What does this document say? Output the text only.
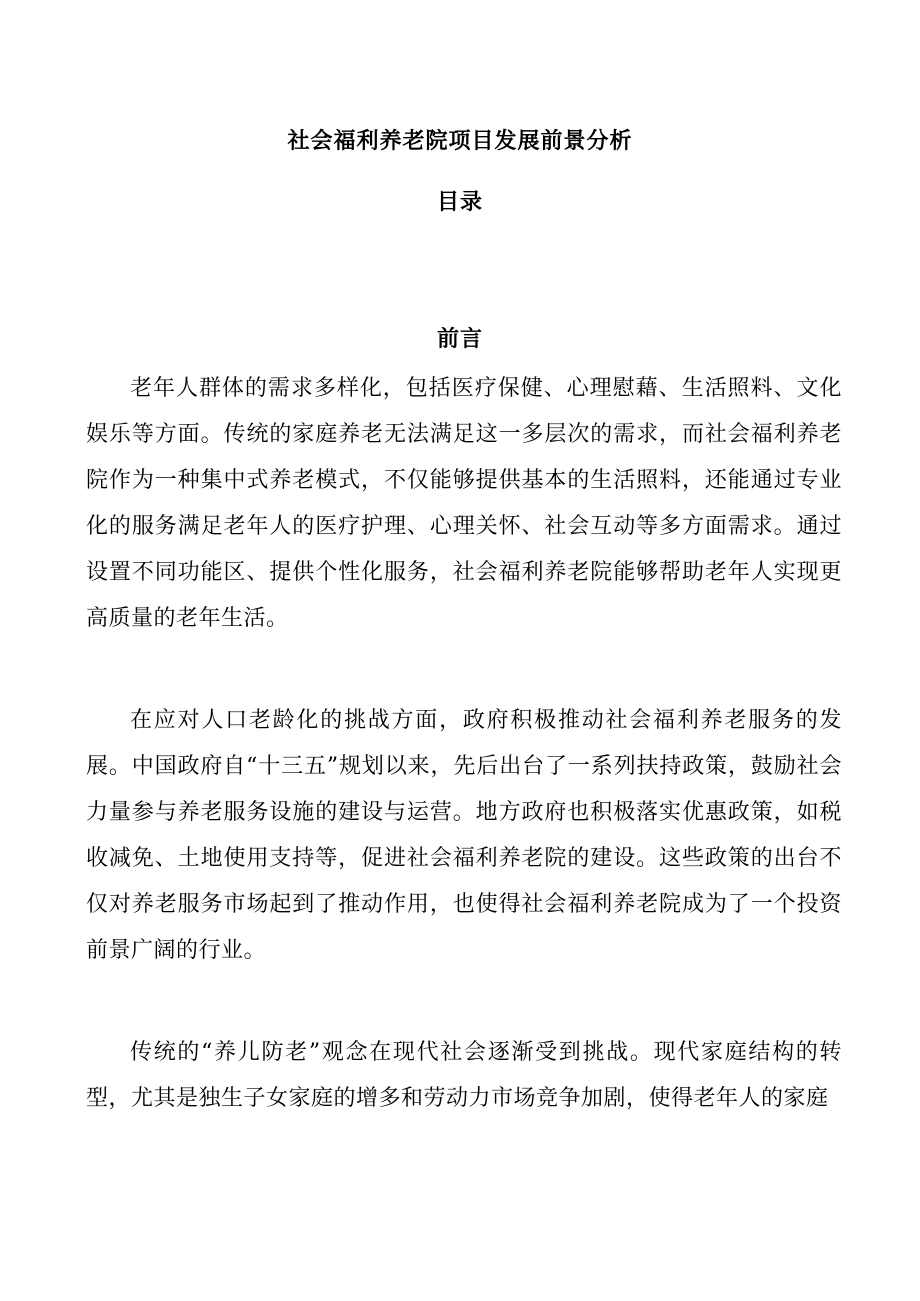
社会福利养老院项目发展前景分析
目录
前言

老年人群体的需求多样化，包括医疗保健、心理慰藉、生活照料、文化娱乐等方面。传统的家庭养老无法满足这一多层次的需求，而社会福利养老院作为一种集中式养老模式，不仅能够提供基本的生活照料，还能通过专业化的服务满足老年人的医疗护理、心理关怀、社会互动等多方面需求。通过设置不同功能区、提供个性化服务，社会福利养老院能够帮助老年人实现更高质量的老年生活。

在应对人口老龄化的挑战方面，政府积极推动社会福利养老服务的发展。中国政府自“十三五”规划以来，先后出台了一系列扶持政策，鼓励社会力量参与养老服务设施的建设与运营。地方政府也积极落实优惠政策，如税收减免、土地使用支持等，促进社会福利养老院的建设。这些政策的出台不仅对养老服务市场起到了推动作用，也使得社会福利养老院成为了一个投资前景广阔的行业。

传统的“养儿防老”观念在现代社会逐渐受到挑战。现代家庭结构的转型，尤其是独生子女家庭的增多和劳动力市场竞争加剧，使得老年人的家庭
